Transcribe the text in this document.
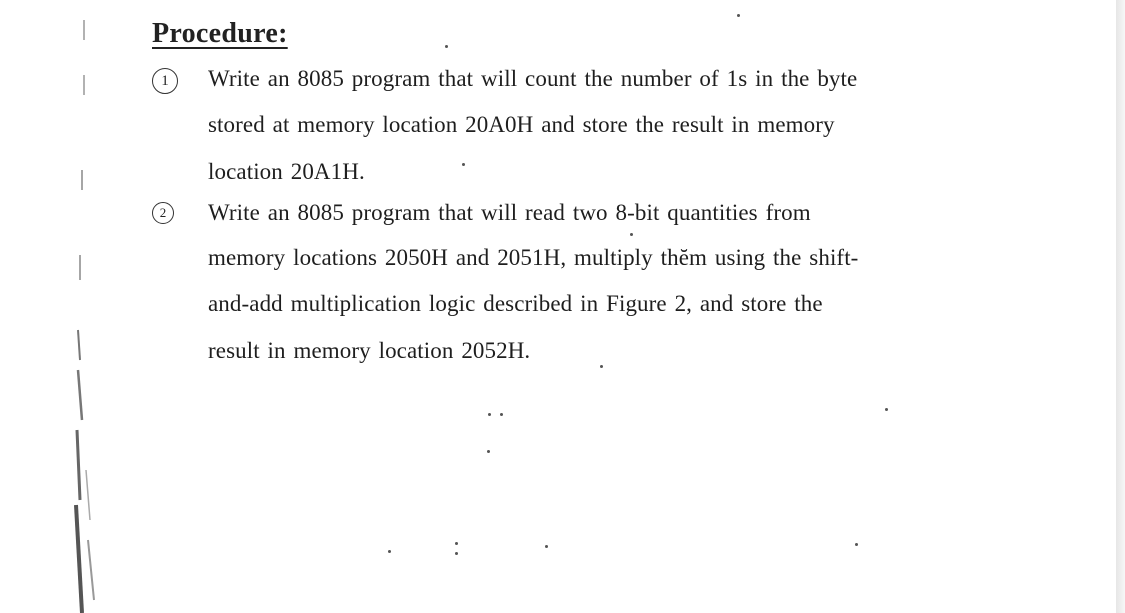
Procedure:
1	Write an 8085 program that will count the number of 1s in the byte
stored at memory location 20A0H and store the result in memory
location 20A1H.
2	Write an 8085 program that will read two 8-bit quantities from
memory locations 2050H and 2051H, multiply thĕm using the shift-
and-add multiplication logic described in Figure 2, and store the
result in memory location 2052H.
